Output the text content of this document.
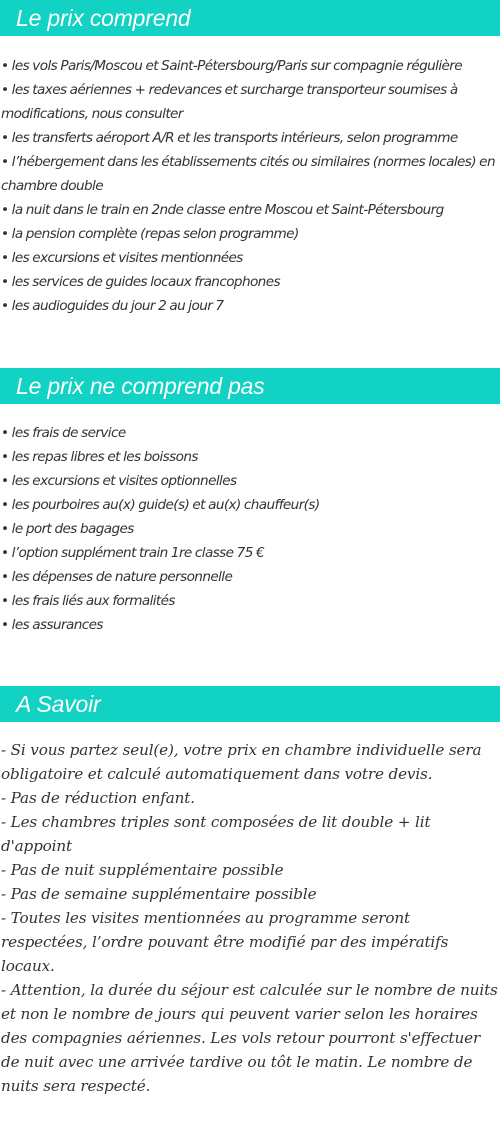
Le prix comprend
• les vols Paris/Moscou et Saint-Pétersbourg/Paris sur compagnie régulière
• les taxes aériennes + redevances et surcharge transporteur soumises à modifications, nous consulter
• les transferts aéroport A/R et les transports intérieurs, selon programme
• l’hébergement dans les établissements cités ou similaires (normes locales) en chambre double
• la nuit dans le train en 2nde classe entre Moscou et Saint-Pétersbourg
• la pension complète (repas selon programme)
• les excursions et visites mentionnées
• les services de guides locaux francophones
• les audioguides du jour 2 au jour 7
Le prix ne comprend pas
• les frais de service
• les repas libres et les boissons
• les excursions et visites optionnelles
• les pourboires au(x) guide(s) et au(x) chauffeur(s)
• le port des bagages
• l’option supplément train 1re classe 75 €
• les dépenses de nature personnelle
• les frais liés aux formalités
• les assurances
A Savoir

- Si vous partez seul(e), votre prix en chambre individuelle sera obligatoire et calculé automatiquement dans votre devis.

- Pas de réduction enfant.

- Les chambres triples sont composées de lit double + lit d'appoint

- Pas de nuit supplémentaire possible

- Pas de semaine supplémentaire possible

- Toutes les visites mentionnées au programme seront respectées, l’ordre pouvant être modifié par des impératifs locaux.

- Attention, la durée du séjour est calculée sur le nombre de nuits et non le nombre de jours qui peuvent varier selon les horaires des compagnies aériennes. Les vols retour pourront s'effectuer de nuit avec une arrivée tardive ou tôt le matin. Le nombre de nuits sera respecté.
